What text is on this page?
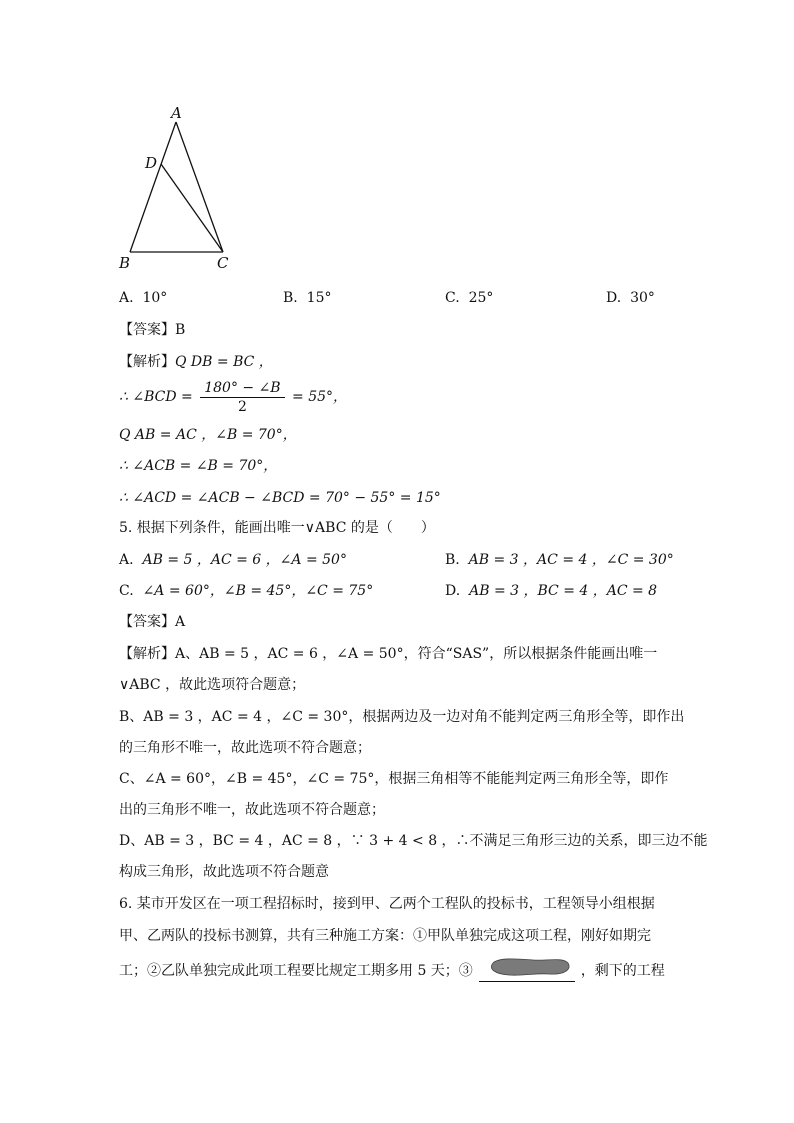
A
D
B	C
A. 10°	B. 15°	C. 25°	D. 30°
【答案】B
【解析】Q DB = BC ，
∴ ∠BCD = $\frac{180^\circ - \angle B}{2} = 55^\circ$，
Q AB = AC ，∠B = 70°，
∴ ∠ACB = ∠B = 70°，
∴ ∠ACD = ∠ACB − ∠BCD = 70° − 55° = 15°
5. 根据下列条件，能画出唯一∨ABC 的是（　　）
A. AB = 5 ，AC = 6 ，∠A = 50°	B. AB = 3 ，AC = 4 ，∠C = 30°
C. ∠A = 60°，∠B = 45°，∠C = 75°	D. AB = 3 ，BC = 4 ，AC = 8
【答案】A
【解析】A、AB = 5 ，AC = 6 ，∠A = 50°，符合“SAS”，所以根据条件能画出唯一
∨ABC ，故此选项符合题意；
B、AB = 3 ，AC = 4 ，∠C = 30°，根据两边及一边对角不能判定两三角形全等，即作出
的三角形不唯一，故此选项不符合题意；
C、∠A = 60°，∠B = 45°，∠C = 75°，根据三角相等不能能判定两三角形全等，即作
出的三角形不唯一，故此选项不符合题意；
D、AB = 3 ，BC = 4 ，AC = 8 ，∵ 3 + 4 < 8 ，∴不满足三角形三边的关系，即三边不能
构成三角形，故此选项不符合题意
6. 某市开发区在一项工程招标时，接到甲、乙两个工程队的投标书，工程领导小组根据
甲、乙两队的投标书测算，共有三种施工方案：①甲队单独完成这项工程，刚好如期完
工；②乙队单独完成此项工程要比规定工期多用 5 天；③	，剩下的工程
